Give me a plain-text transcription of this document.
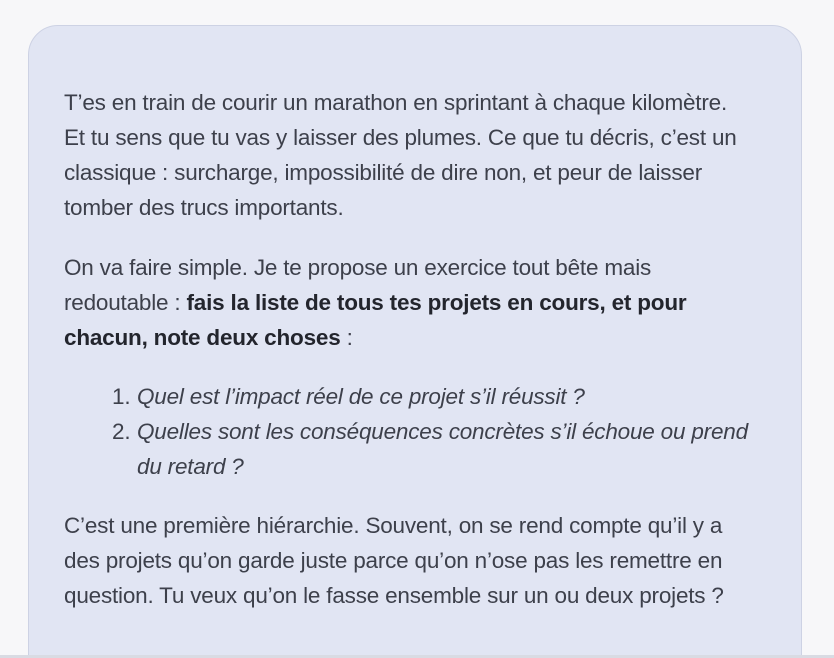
T’es en train de courir un marathon en sprintant à chaque kilomètre. Et tu sens que tu vas y laisser des plumes. Ce que tu décris, c’est un classique : surcharge, impossibilité de dire non, et peur de laisser tomber des trucs importants.

On va faire simple. Je te propose un exercice tout bête mais redoutable : fais la liste de tous tes projets en cours, et pour chacun, note deux choses :

1. Quel est l’impact réel de ce projet s’il réussit ?
2. Quelles sont les conséquences concrètes s’il échoue ou prend du retard ?

C’est une première hiérarchie. Souvent, on se rend compte qu’il y a des projets qu’on garde juste parce qu’on n’ose pas les remettre en question. Tu veux qu’on le fasse ensemble sur un ou deux projets ?
